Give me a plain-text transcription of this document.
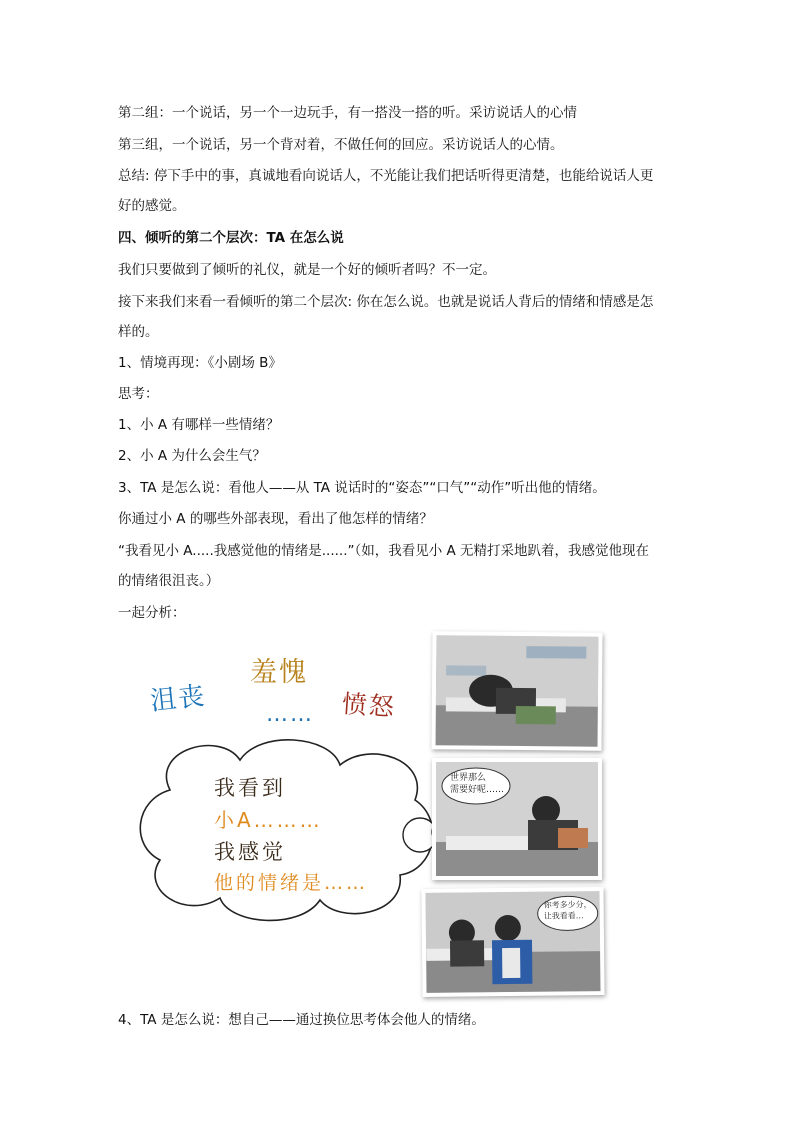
第二组：一个说话，另一个一边玩手，有一搭没一搭的听。采访说话人的心情
第三组，一个说话，另一个背对着，不做任何的回应。采访说话人的心情。
总结: 停下手中的事，真诚地看向说话人，不光能让我们把话听得更清楚，也能给说话人更
好的感觉。
四、倾听的第二个层次：TA 在怎么说
我们只要做到了倾听的礼仪，就是一个好的倾听者吗？不一定。
接下来我们来看一看倾听的第二个层次: 你在怎么说。也就是说话人背后的情绪和情感是怎
样的。
1、情境再现：《小剧场 B》
思考：
1、小 A 有哪样一些情绪？
2、小 A 为什么会生气？
3、TA 是怎么说：看他人——从 TA 说话时的“姿态”“口气”“动作”听出他的情绪。
你通过小 A 的哪些外部表现，看出了他怎样的情绪？
“我看见小 A.....我感觉他的情绪是......”（如，我看见小 A 无精打采地趴着，我感觉他现在
的情绪很沮丧。）
一起分析：
沮丧
羞愧
愤怒
……
我看到
小A………
我感觉
他的情绪是……
世界那么
需要好呢……
你考多少分，
让我看看…
4、TA 是怎么说：想自己——通过换位思考体会他人的情绪。
